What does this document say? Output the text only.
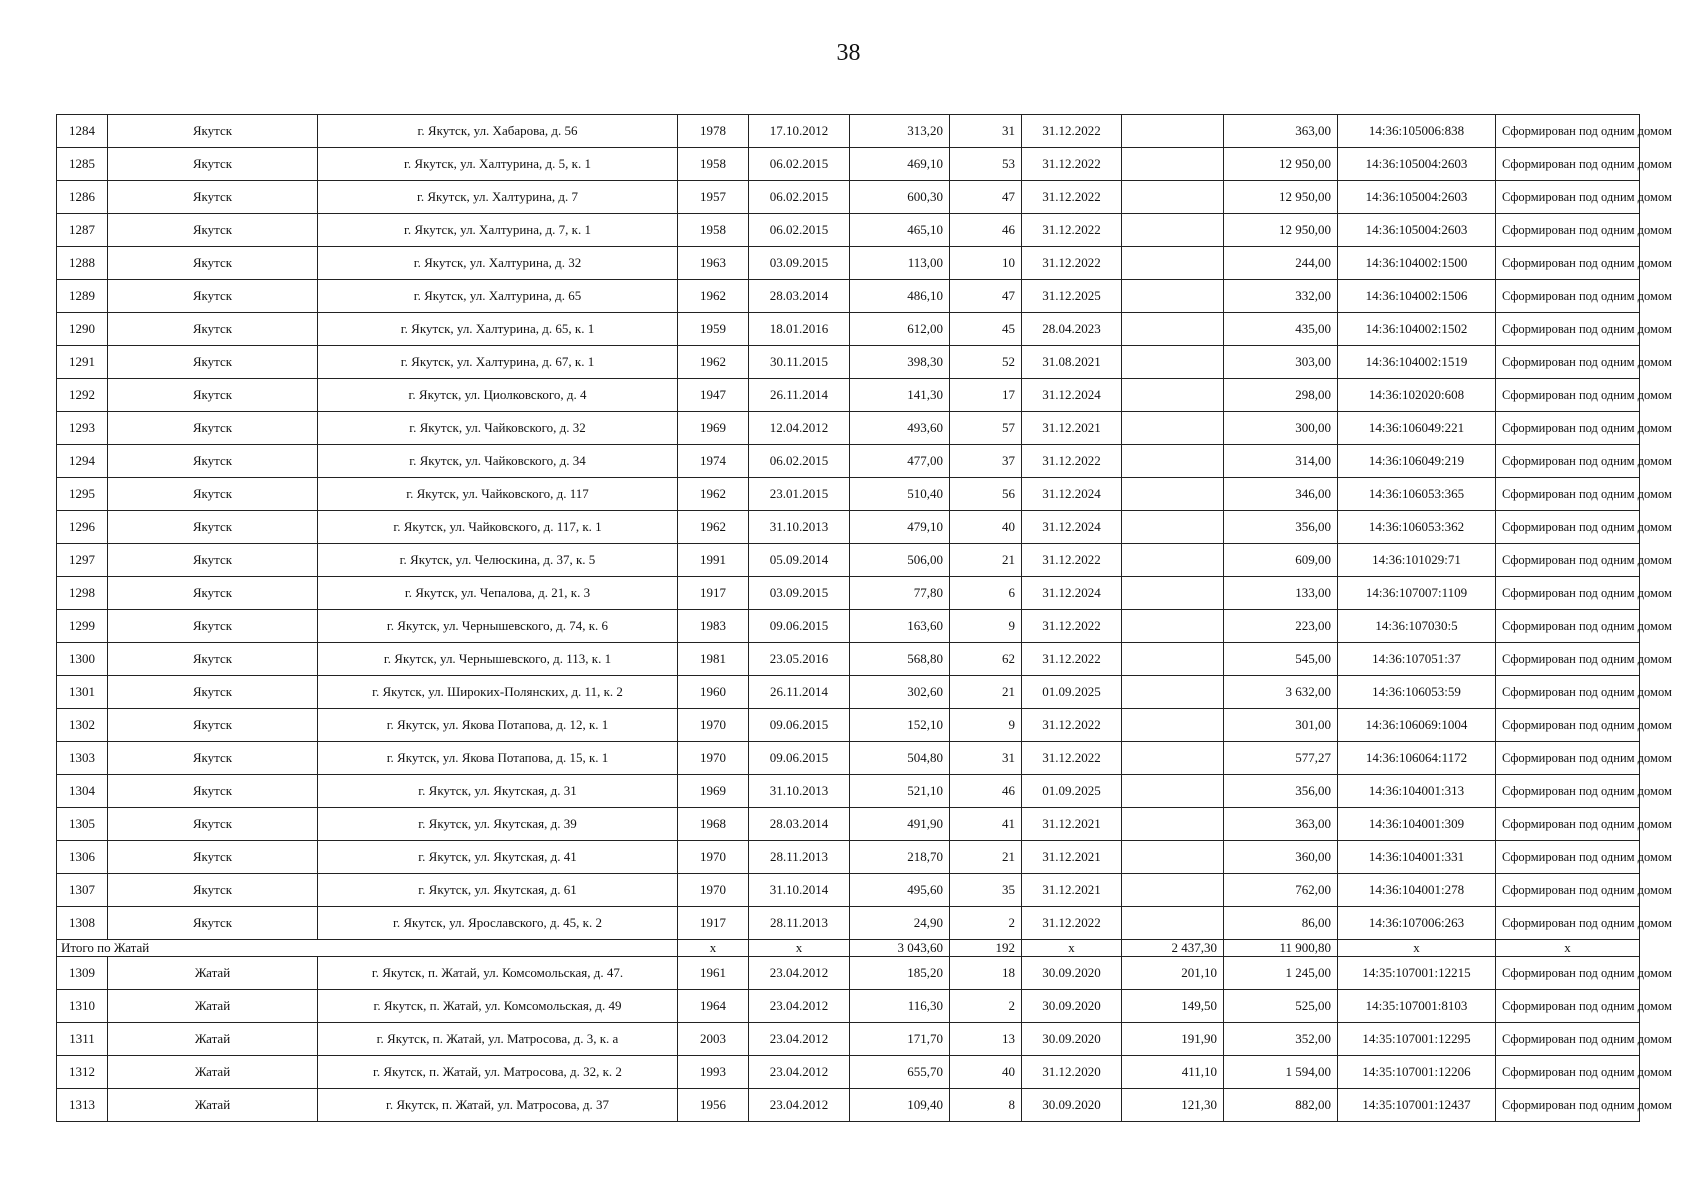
38
1284	Якутск	г. Якутск, ул. Хабарова, д. 56	1978	17.10.2012	313,20	31	31.12.2022		363,00	14:36:105006:838	Сформирован под одним домом
1285	Якутск	г. Якутск, ул. Халтурина, д. 5, к. 1	1958	06.02.2015	469,10	53	31.12.2022		12 950,00	14:36:105004:2603	Сформирован под одним домом
1286	Якутск	г. Якутск, ул. Халтурина, д. 7	1957	06.02.2015	600,30	47	31.12.2022		12 950,00	14:36:105004:2603	Сформирован под одним домом
1287	Якутск	г. Якутск, ул. Халтурина, д. 7, к. 1	1958	06.02.2015	465,10	46	31.12.2022		12 950,00	14:36:105004:2603	Сформирован под одним домом
1288	Якутск	г. Якутск, ул. Халтурина, д. 32	1963	03.09.2015	113,00	10	31.12.2022		244,00	14:36:104002:1500	Сформирован под одним домом
1289	Якутск	г. Якутск, ул. Халтурина, д. 65	1962	28.03.2014	486,10	47	31.12.2025		332,00	14:36:104002:1506	Сформирован под одним домом
1290	Якутск	г. Якутск, ул. Халтурина, д. 65, к. 1	1959	18.01.2016	612,00	45	28.04.2023		435,00	14:36:104002:1502	Сформирован под одним домом
1291	Якутск	г. Якутск, ул. Халтурина, д. 67, к. 1	1962	30.11.2015	398,30	52	31.08.2021		303,00	14:36:104002:1519	Сформирован под одним домом
1292	Якутск	г. Якутск, ул. Циолковского, д. 4	1947	26.11.2014	141,30	17	31.12.2024		298,00	14:36:102020:608	Сформирован под одним домом
1293	Якутск	г. Якутск, ул. Чайковского, д. 32	1969	12.04.2012	493,60	57	31.12.2021		300,00	14:36:106049:221	Сформирован под одним домом
1294	Якутск	г. Якутск, ул. Чайковского, д. 34	1974	06.02.2015	477,00	37	31.12.2022		314,00	14:36:106049:219	Сформирован под одним домом
1295	Якутск	г. Якутск, ул. Чайковского, д. 117	1962	23.01.2015	510,40	56	31.12.2024		346,00	14:36:106053:365	Сформирован под одним домом
1296	Якутск	г. Якутск, ул. Чайковского, д. 117, к. 1	1962	31.10.2013	479,10	40	31.12.2024		356,00	14:36:106053:362	Сформирован под одним домом
1297	Якутск	г. Якутск, ул. Челюскина, д. 37, к. 5	1991	05.09.2014	506,00	21	31.12.2022		609,00	14:36:101029:71	Сформирован под одним домом
1298	Якутск	г. Якутск, ул. Чепалова, д. 21, к. 3	1917	03.09.2015	77,80	6	31.12.2024		133,00	14:36:107007:1109	Сформирован под одним домом
1299	Якутск	г. Якутск, ул. Чернышевского, д. 74, к. 6	1983	09.06.2015	163,60	9	31.12.2022		223,00	14:36:107030:5	Сформирован под одним домом
1300	Якутск	г. Якутск, ул. Чернышевского, д. 113, к. 1	1981	23.05.2016	568,80	62	31.12.2022		545,00	14:36:107051:37	Сформирован под одним домом
1301	Якутск	г. Якутск, ул. Широких-Полянских, д. 11, к. 2	1960	26.11.2014	302,60	21	01.09.2025		3 632,00	14:36:106053:59	Сформирован под одним домом
1302	Якутск	г. Якутск, ул. Якова Потапова, д. 12, к. 1	1970	09.06.2015	152,10	9	31.12.2022		301,00	14:36:106069:1004	Сформирован под одним домом
1303	Якутск	г. Якутск, ул. Якова Потапова, д. 15, к. 1	1970	09.06.2015	504,80	31	31.12.2022		577,27	14:36:106064:1172	Сформирован под одним домом
1304	Якутск	г. Якутск, ул. Якутская, д. 31	1969	31.10.2013	521,10	46	01.09.2025		356,00	14:36:104001:313	Сформирован под одним домом
1305	Якутск	г. Якутск, ул. Якутская, д. 39	1968	28.03.2014	491,90	41	31.12.2021		363,00	14:36:104001:309	Сформирован под одним домом
1306	Якутск	г. Якутск, ул. Якутская, д. 41	1970	28.11.2013	218,70	21	31.12.2021		360,00	14:36:104001:331	Сформирован под одним домом
1307	Якутск	г. Якутск, ул. Якутская, д. 61	1970	31.10.2014	495,60	35	31.12.2021		762,00	14:36:104001:278	Сформирован под одним домом
1308	Якутск	г. Якутск, ул. Ярославского, д. 45, к. 2	1917	28.11.2013	24,90	2	31.12.2022		86,00	14:36:107006:263	Сформирован под одним домом
Итого по Жатай			х	х	3 043,60	192	х	2 437,30	11 900,80	х	х
1309	Жатай	г. Якутск, п. Жатай, ул. Комсомольская, д. 47.	1961	23.04.2012	185,20	18	30.09.2020	201,10	1 245,00	14:35:107001:12215	Сформирован под одним домом
1310	Жатай	г. Якутск, п. Жатай, ул. Комсомольская, д. 49	1964	23.04.2012	116,30	2	30.09.2020	149,50	525,00	14:35:107001:8103	Сформирован под одним домом
1311	Жатай	г. Якутск, п. Жатай, ул. Матросова, д. 3, к. а	2003	23.04.2012	171,70	13	30.09.2020	191,90	352,00	14:35:107001:12295	Сформирован под одним домом
1312	Жатай	г. Якутск, п. Жатай, ул. Матросова, д. 32, к. 2	1993	23.04.2012	655,70	40	31.12.2020	411,10	1 594,00	14:35:107001:12206	Сформирован под одним домом
1313	Жатай	г. Якутск, п. Жатай, ул. Матросова, д. 37	1956	23.04.2012	109,40	8	30.09.2020	121,30	882,00	14:35:107001:12437	Сформирован под одним домом
